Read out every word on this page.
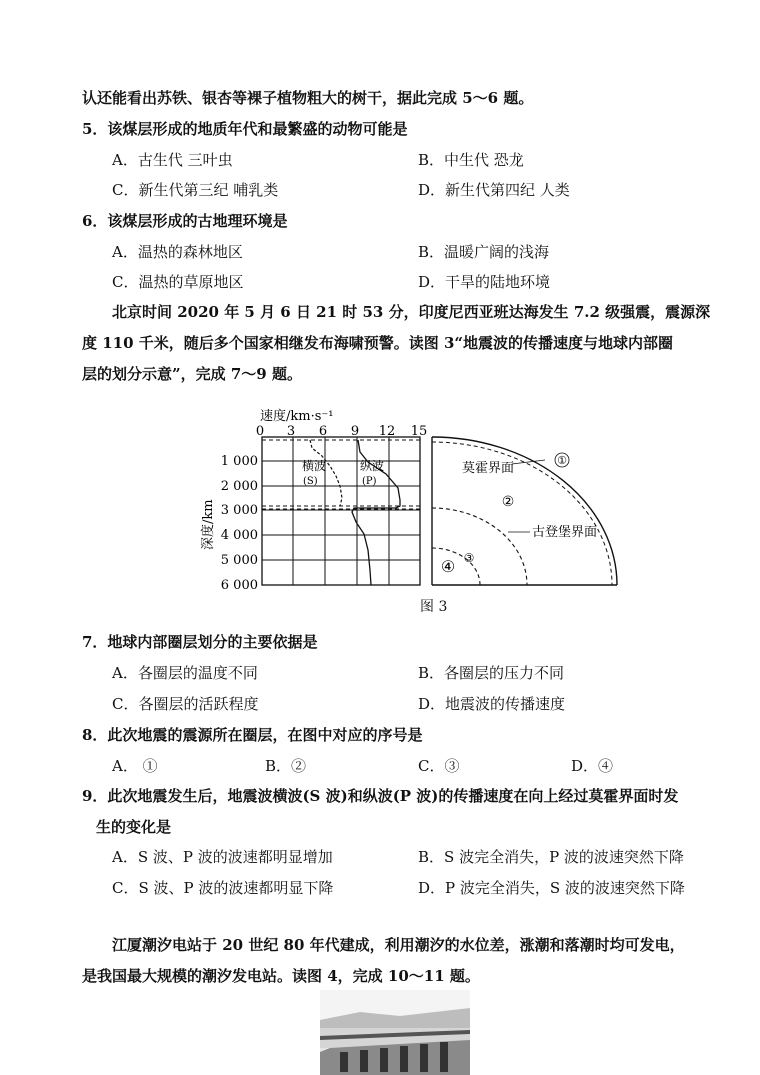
认还能看出苏铁、银杏等裸子植物粗大的树干，据此完成 5～6 题。
5．该煤层形成的地质年代和最繁盛的动物可能是
A．古生代 三叶虫	B．中生代 恐龙
C．新生代第三纪 哺乳类	D．新生代第四纪 人类
6．该煤层形成的古地理环境是
A．温热的森林地区	B．温暖广阔的浅海
C．温热的草原地区	D．干旱的陆地环境
北京时间 2020 年 5 月 6 日 21 时 53 分，印度尼西亚班达海发生 7.2 级强震，震源深
度 110 千米，随后多个国家相继发布海啸预警。读图 3“地震波的传播速度与地球内部圈
层的划分示意”，完成 7～9 题。
速度/km·s⁻¹
0 3 6 9 12 15
1 000
2 000
3 000
4 000
5 000
6 000
深度/km
横波
(S)
纵波
(P)
莫霍界面
①
②
古登堡界面
③
④
图 3
7．地球内部圈层划分的主要依据是
A．各圈层的温度不同	B．各圈层的压力不同
C．各圈层的活跃程度	D．地震波的传播速度
8．此次地震的震源所在圈层，在图中对应的序号是
A． ①	B．②	C．③	D．④
9．此次地震发生后，地震波横波(S 波)和纵波(P 波)的传播速度在向上经过莫霍界面时发
生的变化是
A．S 波、P 波的波速都明显增加	B．S 波完全消失，P 波的波速突然下降
C．S 波、P 波的波速都明显下降	D．P 波完全消失，S 波的波速突然下降
江厦潮汐电站于 20 世纪 80 年代建成，利用潮汐的水位差，涨潮和落潮时均可发电，
是我国最大规模的潮汐发电站。读图 4，完成 10～11 题。
